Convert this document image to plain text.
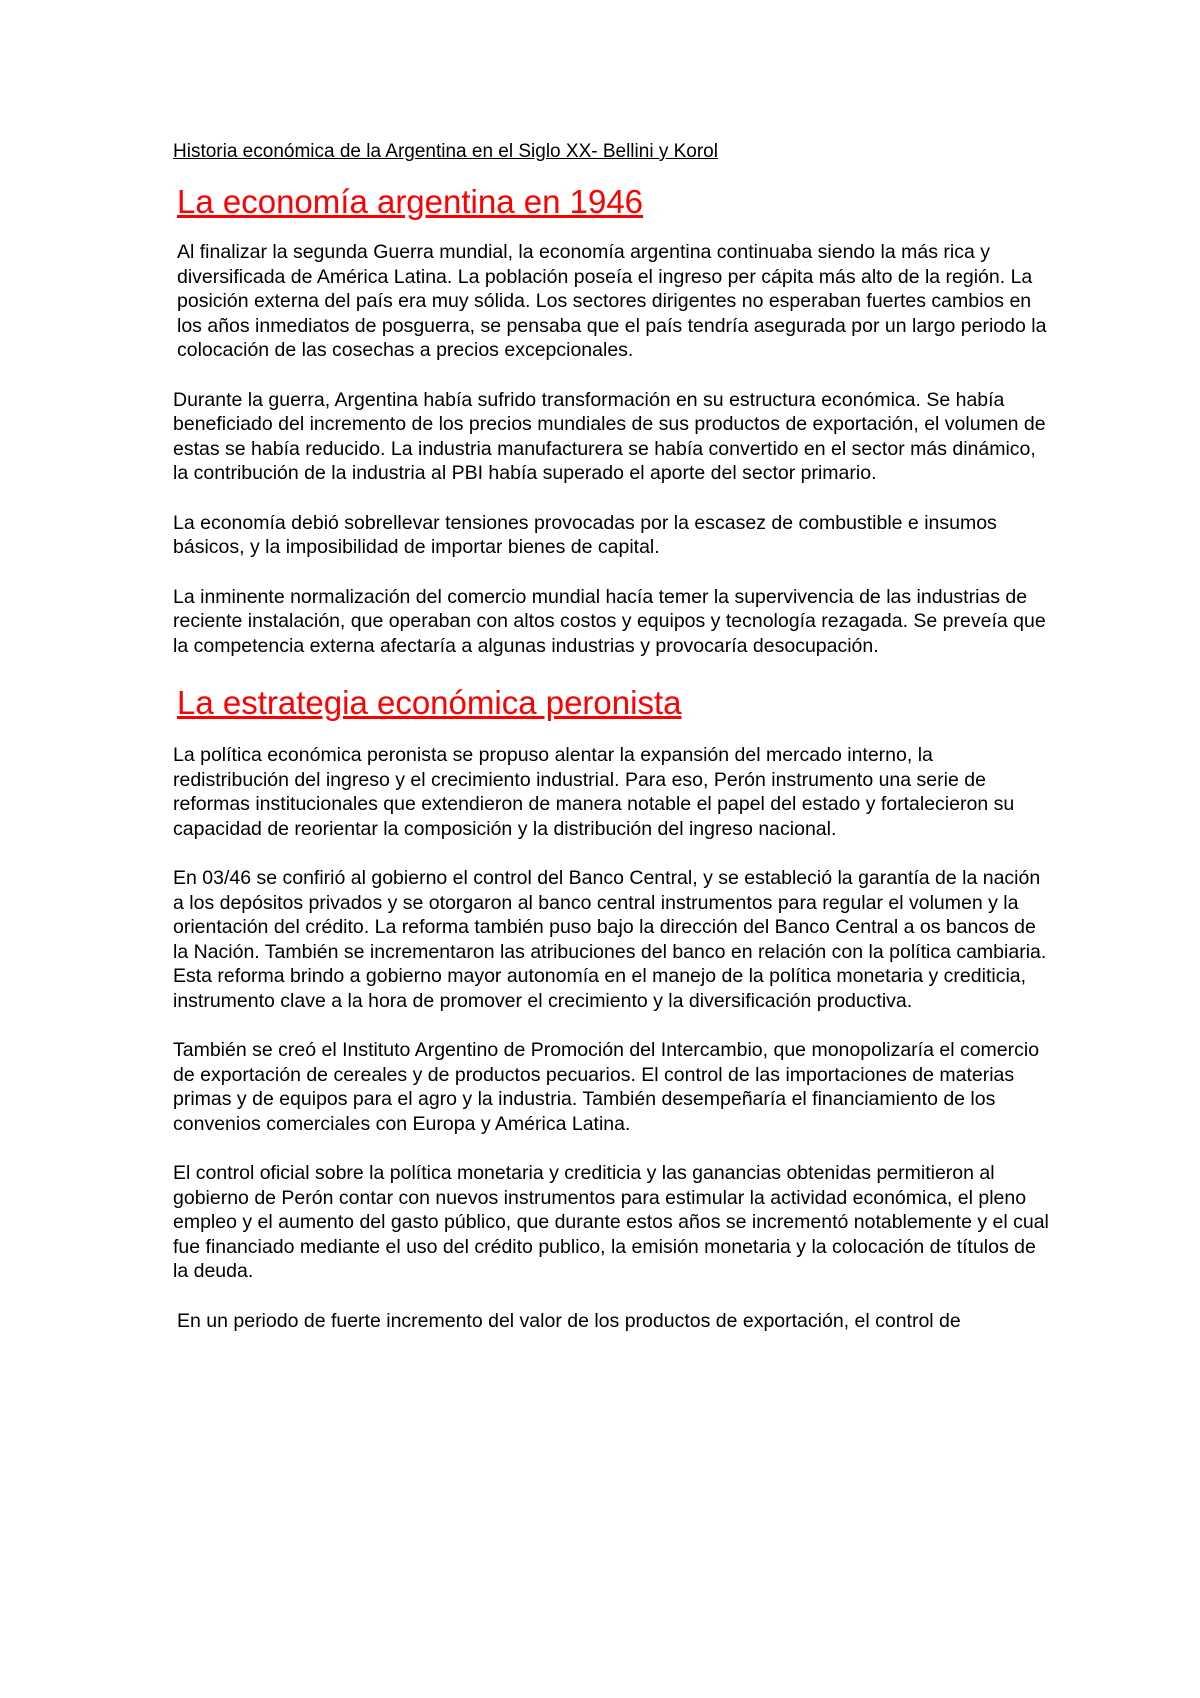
Historia económica de la Argentina en el Siglo XX- Bellini y Korol
La economía argentina en 1946

Al finalizar la segunda Guerra mundial, la economía argentina continuaba siendo la más rica y diversificada de América Latina. La población poseía el ingreso per cápita más alto de la región. La posición externa del país era muy sólida. Los sectores dirigentes no esperaban fuertes cambios en los años inmediatos de posguerra, se pensaba que el país tendría asegurada por un largo periodo la colocación de las cosechas a precios excepcionales.

Durante la guerra, Argentina había sufrido transformación en su estructura económica. Se había beneficiado del incremento de los precios mundiales de sus productos de exportación, el volumen de estas se había reducido. La industria manufacturera se había convertido en el sector más dinámico, la contribución de la industria al PBI había superado el aporte del sector primario.

La economía debió sobrellevar tensiones provocadas por la escasez de combustible e insumos básicos, y la imposibilidad de importar bienes de capital.

La inminente normalización del comercio mundial hacía temer la supervivencia de las industrias de reciente instalación, que operaban con altos costos y equipos y tecnología rezagada. Se preveía que la competencia externa afectaría a algunas industrias y provocaría desocupación.

La estrategia económica peronista

La política económica peronista se propuso alentar la expansión del mercado interno, la redistribución del ingreso y el crecimiento industrial. Para eso, Perón instrumento una serie de reformas institucionales que extendieron de manera notable el papel del estado y fortalecieron su capacidad de reorientar la composición y la distribución del ingreso nacional.

En 03/46 se confirió al gobierno el control del Banco Central, y se estableció la garantía de la nación a los depósitos privados y se otorgaron al banco central instrumentos para regular el volumen y la orientación del crédito. La reforma también puso bajo la dirección del Banco Central a os bancos de la Nación. También se incrementaron las atribuciones del banco en relación con la política cambiaria. Esta reforma brindo a gobierno mayor autonomía en el manejo de la política monetaria y crediticia, instrumento clave a la hora de promover el crecimiento y la diversificación productiva.

También se creó el Instituto Argentino de Promoción del Intercambio, que monopolizaría el comercio de exportación de cereales y de productos pecuarios. El control de las importaciones de materias primas y de equipos para el agro y la industria. También desempeñaría el financiamiento de los convenios comerciales con Europa y América Latina.

El control oficial sobre la política monetaria y crediticia y las ganancias obtenidas permitieron al gobierno de Perón contar con nuevos instrumentos para estimular la actividad económica, el pleno empleo y el aumento del gasto público, que durante estos años se incrementó notablemente y el cual fue financiado mediante el uso del crédito publico, la emisión monetaria y la colocación de títulos de la deuda.

En un periodo de fuerte incremento del valor de los productos de exportación, el control de
